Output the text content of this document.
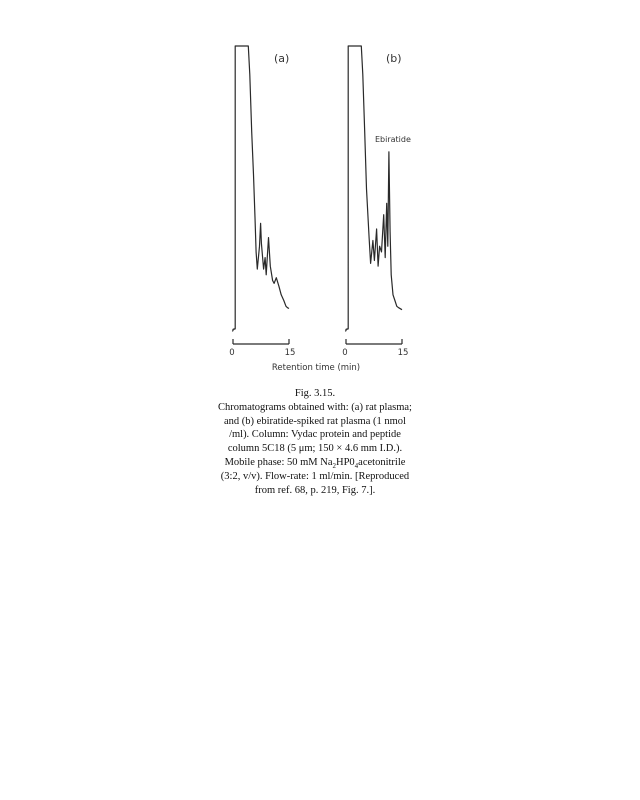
(a)
0	15
(b)
Ebiratide
0	15
Retention time (min)
Fig. 3.15.
Chromatograms obtained with: (a) rat plasma;
and (b) ebiratide-spiked rat plasma (1 nmol
/ml). Column: Vydac protein and peptide
column 5C18 (5 μm; 150 × 4.6 mm I.D.).
Mobile phase: 50 mM $Na_2HP0_4acetonitrile$
(3:2, v/v). Flow-rate: 1 ml/min. [Reproduced
from ref. 68, p. 219, Fig. 7.].
